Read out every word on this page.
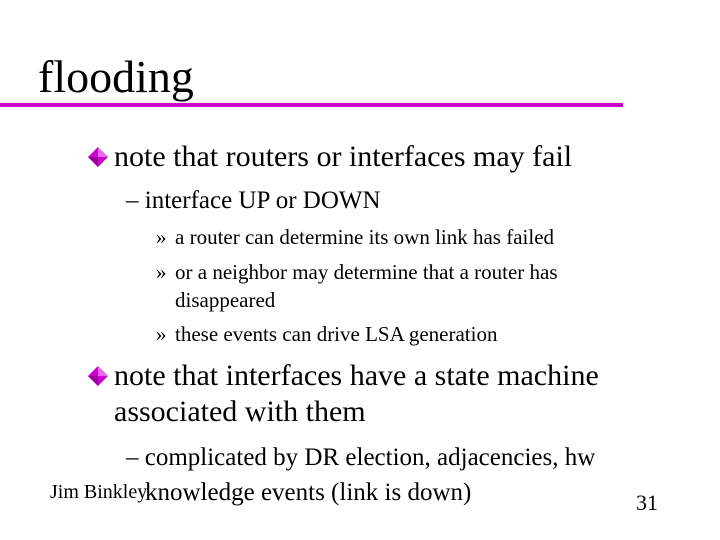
flooding
note that routers or interfaces may fail
– interface UP or DOWN
» a router can determine its own link has failed
» or a neighbor may determine that a router has
disappeared
» these events can drive LSA generation
note that interfaces have a state machine
associated with them
– complicated by DR election, adjacencies, hw
knowledge events (link is down)
Jim Binkley	31
